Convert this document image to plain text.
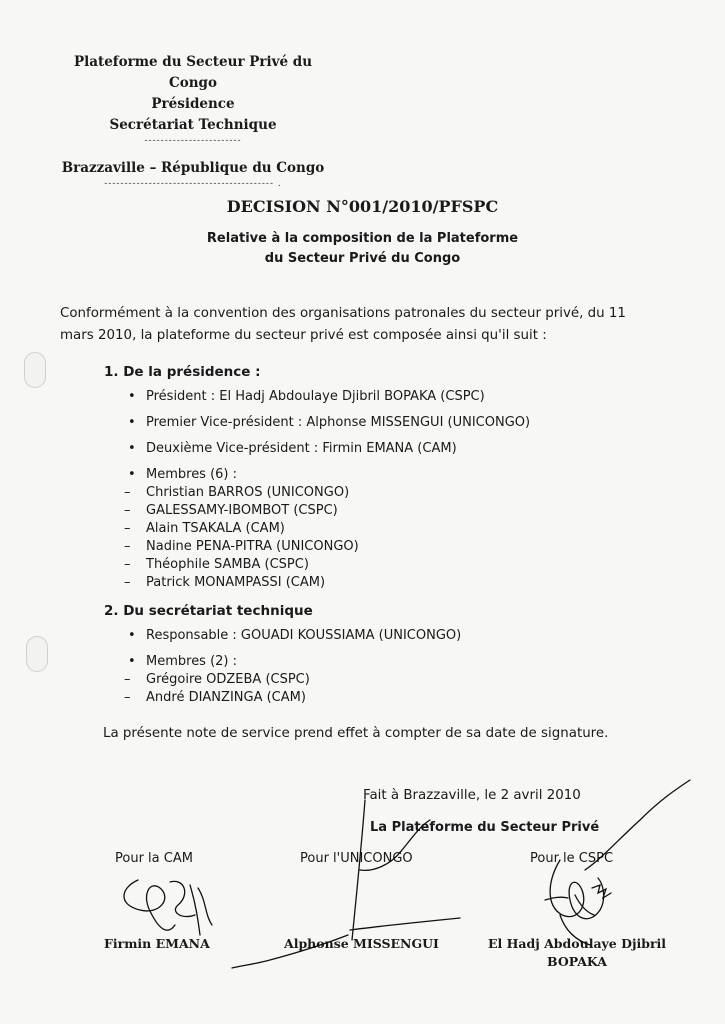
Plateforme du Secteur Privé du Congo
Présidence
Secrétariat Technique
------------------------
Brazzaville – République du Congo
------------------------------------------ .
DECISION N°001/2010/PFSPC
Relative à la composition de la Plateforme
du Secteur Privé du Congo
Conformément à la convention des organisations patronales du secteur privé, du 11 mars 2010, la plateforme du secteur privé est composée ainsi qu'il suit :
1. De la présidence :
• Président : El Hadj Abdoulaye Djibril BOPAKA (CSPC)
• Premier Vice-président : Alphonse MISSENGUI (UNICONGO)
• Deuxième Vice-président : Firmin EMANA (CAM)
• Membres (6) :
– Christian BARROS (UNICONGO)
– GALESSAMY-IBOMBOT (CSPC)
– Alain TSAKALA (CAM)
– Nadine PENA-PITRA (UNICONGO)
– Théophile SAMBA (CSPC)
– Patrick MONAMPASSI (CAM)
2. Du secrétariat technique
• Responsable : GOUADI KOUSSIAMA (UNICONGO)
• Membres (2) :
– Grégoire ODZEBA (CSPC)
– André DIANZINGA (CAM)
La présente note de service prend effet à compter de sa date de signature.
Fait à Brazzaville, le 2 avril 2010
La Plateforme du Secteur Privé
Pour la CAM	Pour l'UNICONGO	Pour le CSPC
Firmin EMANA	Alphonse MISSENGUI	El Hadj Abdoulaye Djibril
BOPAKA
